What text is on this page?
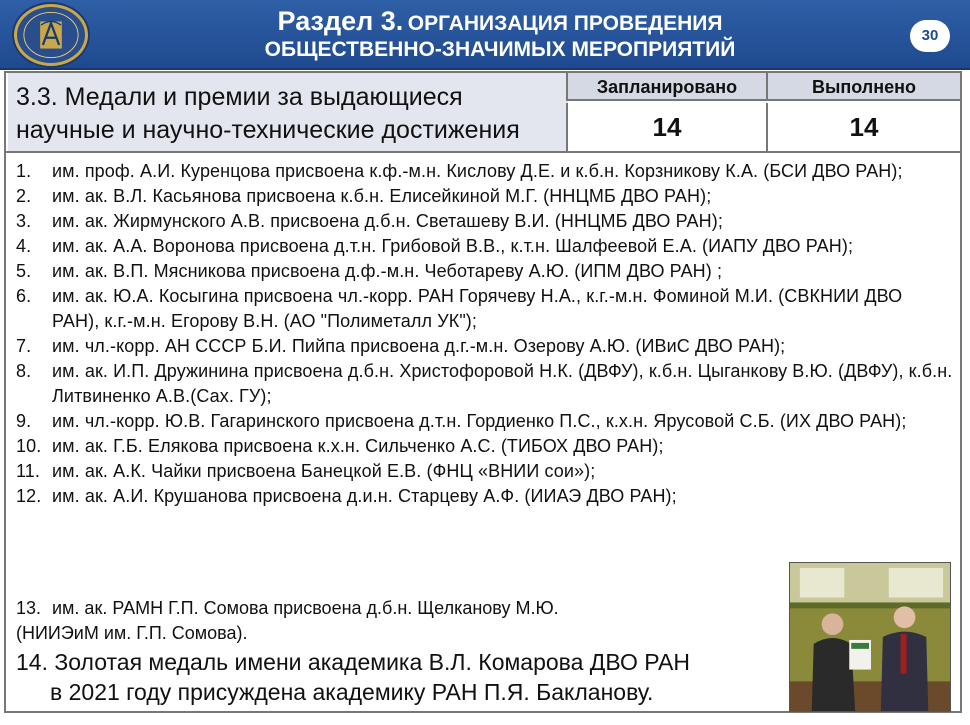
Раздел 3. ОРГАНИЗАЦИЯ ПРОВЕДЕНИЯ
ОБЩЕСТВЕННО-ЗНАЧИМЫХ МЕРОПРИЯТИЙ
30
3.3. Медали и премии за выдающиеся
научные и научно-технические достижения
Запланировано	Выполнено
14	14
1. им. проф. А.И. Куренцова присвоена к.ф.-м.н. Кислову Д.Е. и к.б.н. Корзникову К.А. (БСИ ДВО РАН);
2. им. ак. В.Л. Касьянова присвоена к.б.н. Елисейкиной М.Г. (ННЦМБ ДВО РАН);
3. им. ак. Жирмунского А.В. присвоена д.б.н. Светашеву В.И. (ННЦМБ ДВО РАН);
4. им. ак. А.А. Воронова присвоена д.т.н. Грибовой В.В., к.т.н. Шалфеевой Е.А. (ИАПУ ДВО РАН);
5. им. ак. В.П. Мясникова присвоена д.ф.-м.н. Чеботареву А.Ю. (ИПМ ДВО РАН) ;
6. им. ак. Ю.А. Косыгина присвоена чл.-корр. РАН Горячеву Н.А., к.г.-м.н. Фоминой М.И. (СВКНИИ ДВО РАН), к.г.-м.н. Егорову В.Н. (АО "Полиметалл УК");
7. им. чл.-корр. АН СССР Б.И. Пийпа присвоена д.г.-м.н. Озерову А.Ю. (ИВиС ДВО РАН);
8. им. ак. И.П. Дружинина присвоена д.б.н. Христофоровой Н.К. (ДВФУ), к.б.н. Цыганкову В.Ю. (ДВФУ), к.б.н. Литвиненко А.В.(Сах. ГУ);
9. им. чл.-корр. Ю.В. Гагаринского присвоена д.т.н. Гордиенко П.С., к.х.н. Ярусовой С.Б. (ИХ ДВО РАН);
10. им. ак. Г.Б. Елякова присвоена к.х.н. Сильченко А.С. (ТИБОХ ДВО РАН);
11. им. ак. А.К. Чайки присвоена Банецкой Е.В. (ФНЦ «ВНИИ сои»);
12. им. ак. А.И. Крушанова присвоена д.и.н. Старцеву А.Ф. (ИИАЭ ДВО РАН);
13. им. ак. РАМН Г.П. Сомова присвоена д.б.н. Щелканову М.Ю.
(НИИЭиМ им. Г.П. Сомова).
14. Золотая медаль имени академика В.Л. Комарова ДВО РАН
в 2021 году присуждена академику РАН П.Я. Бакланову.
